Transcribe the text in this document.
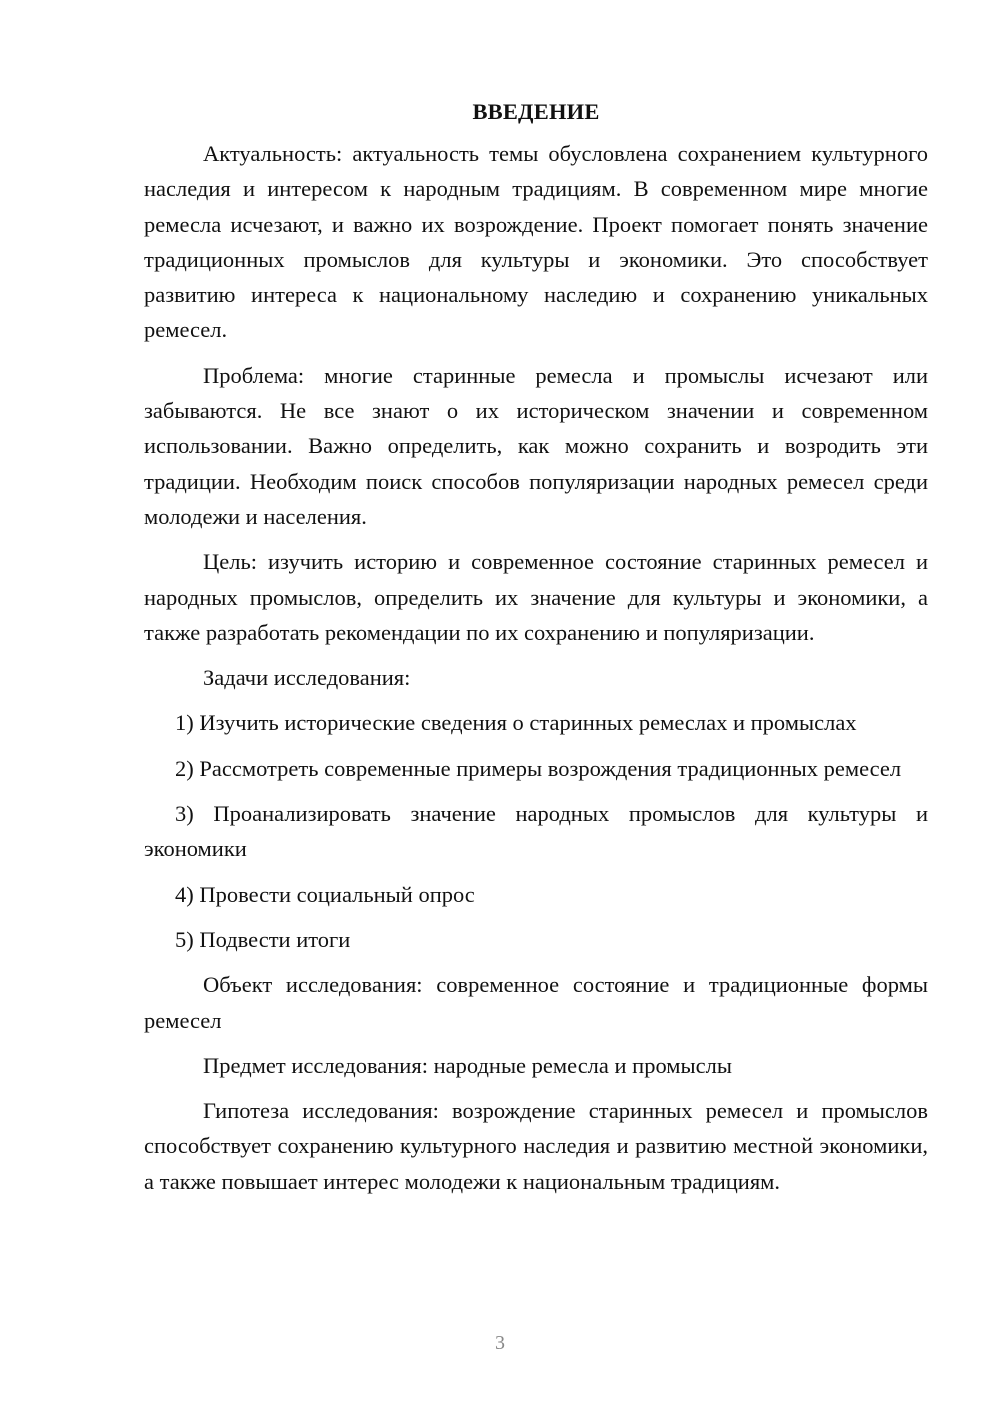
ВВЕДЕНИЕ

Актуальность: актуальность темы обусловлена сохранением культурного наследия и интересом к народным традициям. В современном мире многие ремесла исчезают, и важно их возрождение. Проект помогает понять значение традиционных промыслов для культуры и экономики. Это способствует развитию интереса к национальному наследию и сохранению уникальных ремесел.

Проблема: многие старинные ремесла и промыслы исчезают или забываются. Не все знают о их историческом значении и современном использовании. Важно определить, как можно сохранить и возродить эти традиции. Необходим поиск способов популяризации народных ремесел среди молодежи и населения.

Цель: изучить историю и современное состояние старинных ремесел и народных промыслов, определить их значение для культуры и экономики, а также разработать рекомендации по их сохранению и популяризации.

Задачи исследования:

1) Изучить исторические сведения о старинных ремеслах и промыслах

2) Рассмотреть современные примеры возрождения традиционных ремесел

3) Проанализировать значение народных промыслов для культуры и экономики

4) Провести социальный опрос

5) Подвести итоги

Объект исследования: современное состояние и традиционные формы ремесел

Предмет исследования: народные ремесла и промыслы

Гипотеза исследования: возрождение старинных ремесел и промыслов способствует сохранению культурного наследия и развитию местной экономики, а также повышает интерес молодежи к национальным традициям.

3
